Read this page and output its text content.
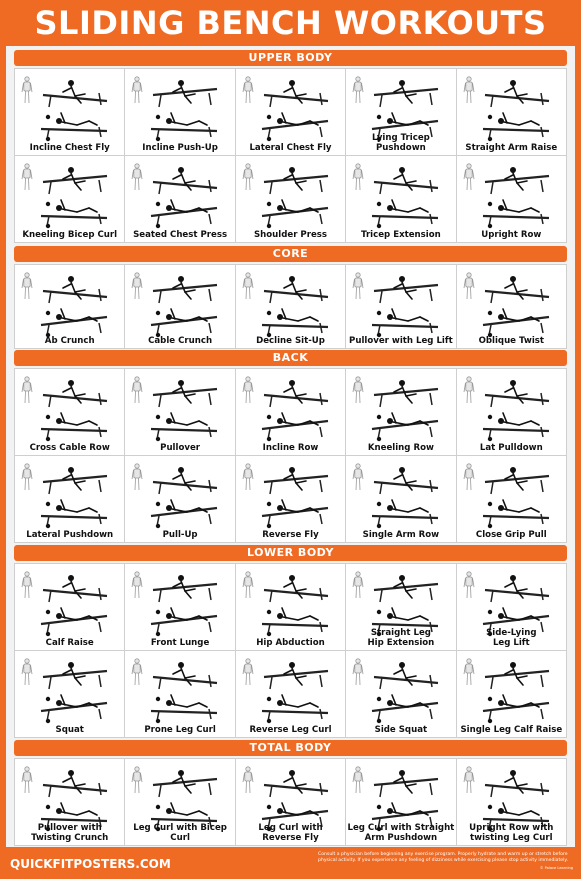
SLIDING BENCH WORKOUTS
UPPER BODY
Incline Chest Fly	Incline Push-Up	Lateral Chest Fly
Lying Tricep Pushdown	Straight Arm Raise
Kneeling Bicep Curl	Seated Chest Press	Shoulder Press	Tricep Extension	Upright Row
CORE
Ab Crunch	Cable Crunch	Decline Sit-Up	Pullover with Leg Lift	Oblique Twist
BACK
Cross Cable Row	Pullover	Incline Row	Kneeling Row	Lat Pulldown
Lateral Pushdown	Pull-Up	Reverse Fly	Single Arm Row	Close Grip Pull
LOWER BODY
Calf Raise	Front Lunge	Hip Abduction
Straight Leg
Hip Extension
Side-Lying
Leg Lift
Squat	Prone Leg Curl	Reverse Leg Curl	Side Squat	Single Leg Calf Raise
TOTAL BODY
Pullover with
Twisting Crunch
Leg Curl with Bicep Curl
Leg Curl with
Reverse Fly
Leg Curl with Straight
Arm Pushdown
Upright Row with
twisting Leg Curl
QUICKFITPOSTERS.COM
Consult a physician before beginning any exercise program. Properly hydrate and warm up or stretch before physical activity. If you experience any feeling of dizziness while exercising please stop activity immediately.
© Palace Learning
